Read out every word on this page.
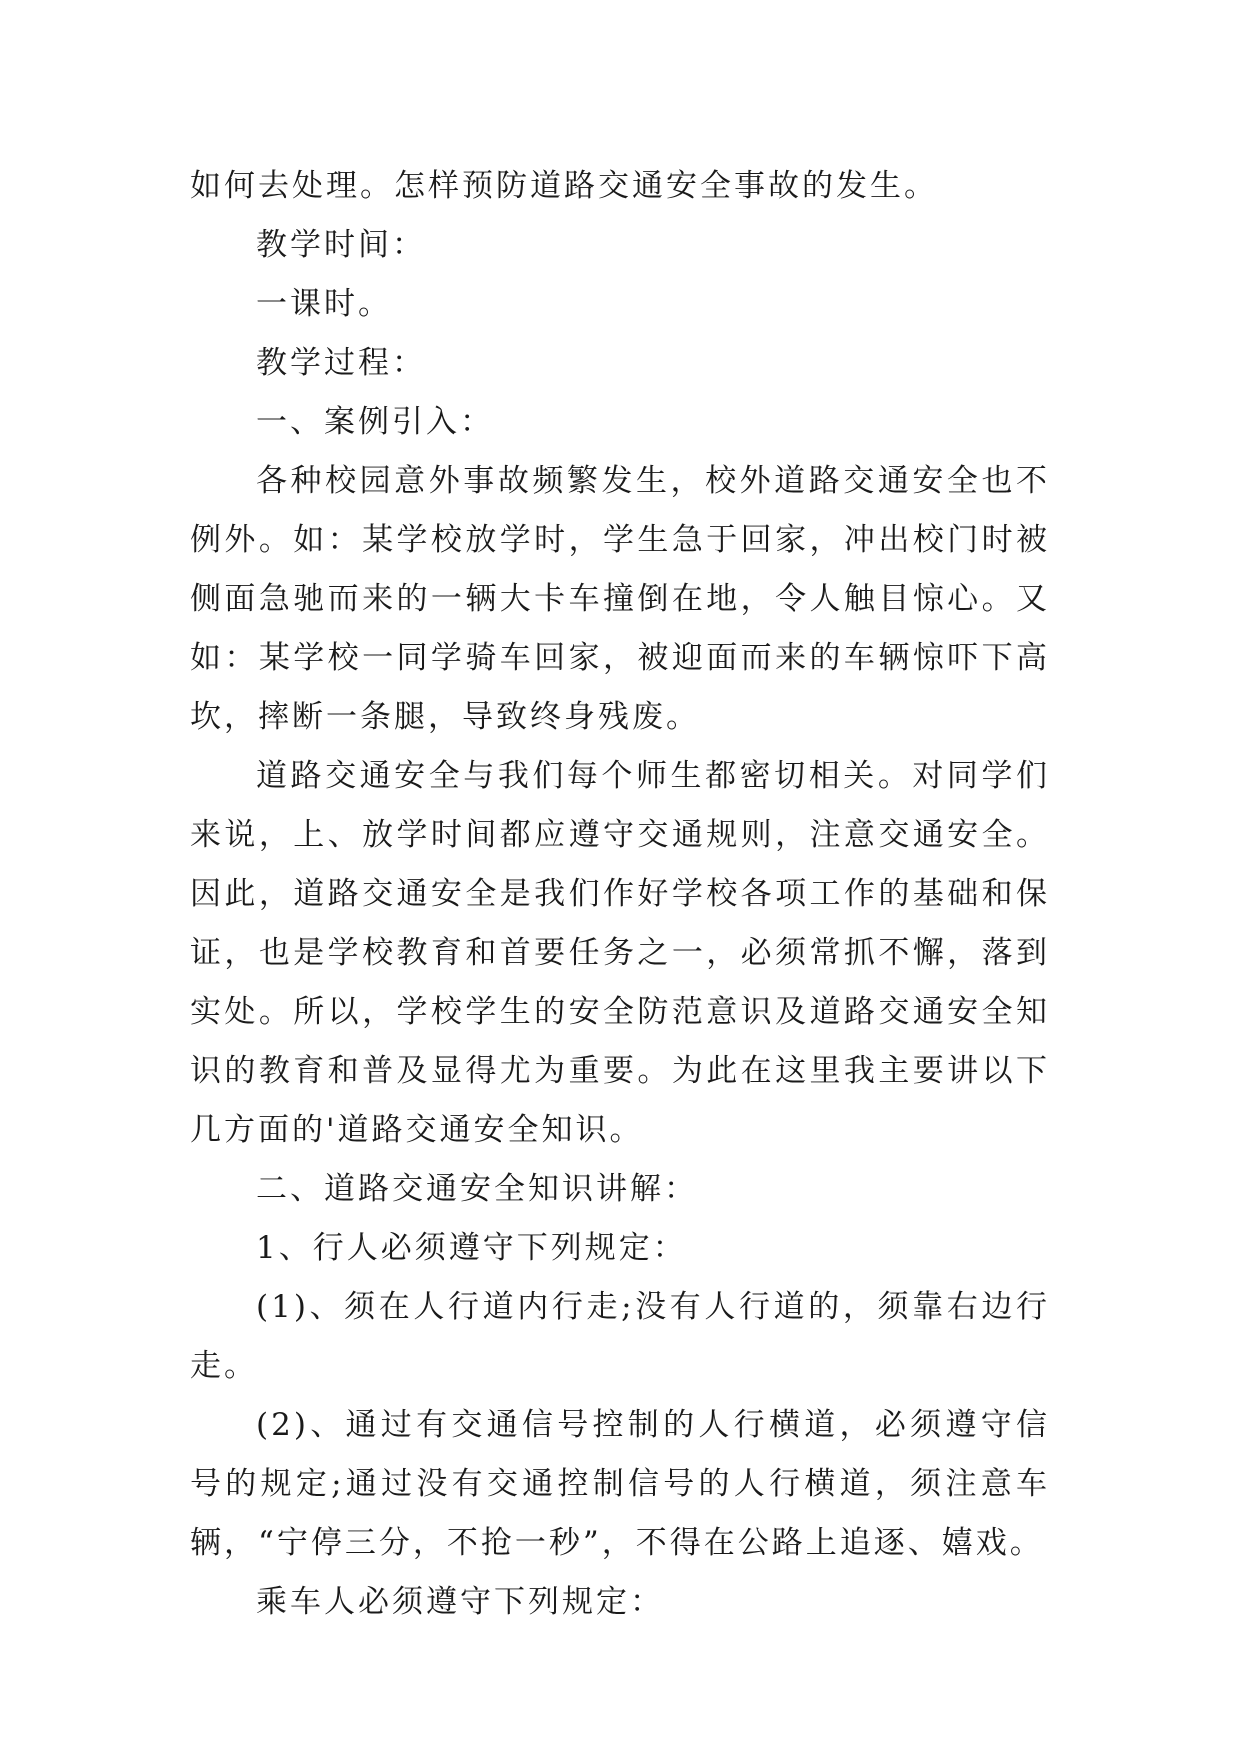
如何去处理。怎样预防道路交通安全事故的发生。

教学时间：

一课时。

教学过程：

一、案例引入：

各种校园意外事故频繁发生，校外道路交通安全也不例外。如：某学校放学时，学生急于回家，冲出校门时被侧面急驰而来的一辆大卡车撞倒在地，令人触目惊心。又如：某学校一同学骑车回家，被迎面而来的车辆惊吓下高坎，摔断一条腿，导致终身残废。

道路交通安全与我们每个师生都密切相关。对同学们来说，上、放学时间都应遵守交通规则，注意交通安全。因此，道路交通安全是我们作好学校各项工作的基础和保证，也是学校教育和首要任务之一，必须常抓不懈，落到实处。所以，学校学生的安全防范意识及道路交通安全知识的教育和普及显得尤为重要。为此在这里我主要讲以下几方面的'道路交通安全知识。

二、道路交通安全知识讲解：

1、行人必须遵守下列规定：

(1)、须在人行道内行走;没有人行道的，须靠右边行走。

(2)、通过有交通信号控制的人行横道，必须遵守信号的规定;通过没有交通控制信号的人行横道，须注意车辆，“宁停三分，不抢一秒”，不得在公路上追逐、嬉戏。

乘车人必须遵守下列规定：
